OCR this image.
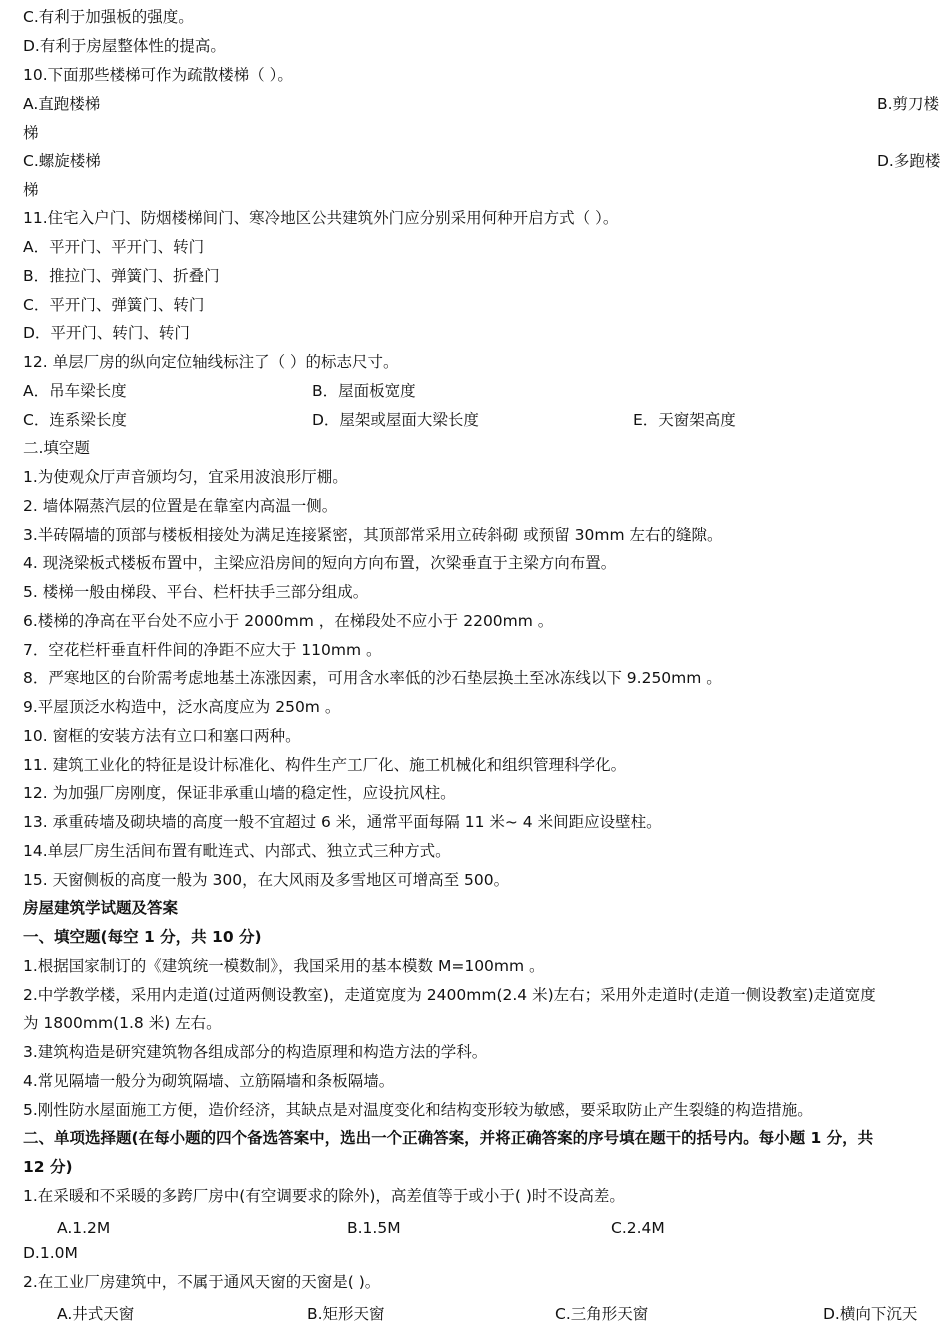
C.有利于加强板的强度。
D.有利于房屋整体性的提高。
10.下面那些楼梯可作为疏散楼梯（ ）。
A.直跑楼梯	B.剪刀楼
梯
C.螺旋楼梯	D.多跑楼
梯
11.住宅入户门、防烟楼梯间门、寒冷地区公共建筑外门应分别采用何种开启方式（ ）。
A．平开门、平开门、转门
B．推拉门、弹簧门、折叠门
C．平开门、弹簧门、转门
D．平开门、转门、转门
12. 单层厂房的纵向定位轴线标注了（ ）的标志尺寸。
A．吊车梁长度	B．屋面板宽度
C．连系梁长度	D．屋架或屋面大梁长度	E．天窗架高度
二.填空题
1.为使观众厅声音颁均匀，宜采用波浪形厅棚。
2. 墙体隔蒸汽层的位置是在靠室内高温一侧。
3.半砖隔墙的顶部与楼板相接处为满足连接紧密，其顶部常采用立砖斜砌 或预留 30mm 左右的缝隙。
4. 现浇梁板式楼板布置中，主梁应沿房间的短向方向布置，次梁垂直于主梁方向布置。
5. 楼梯一般由梯段、平台、栏杆扶手三部分组成。
6.楼梯的净高在平台处不应小于 2000mm ，在梯段处不应小于 2200mm 。
7．空花栏杆垂直杆件间的净距不应大于 110mm 。
8．严寒地区的台阶需考虑地基土冻涨因素，可用含水率低的沙石垫层换土至冰冻线以下 9.250mm 。
9.平屋顶泛水构造中，泛水高度应为 250m 。
10. 窗框的安装方法有立口和塞口两种。
11. 建筑工业化的特征是设计标准化、构件生产工厂化、施工机械化和组织管理科学化。
12. 为加强厂房刚度，保证非承重山墙的稳定性，应设抗风柱。
13. 承重砖墙及砌块墙的高度一般不宜超过 6 米，通常平面每隔 11 米~ 4 米间距应设壁柱。
14.单层厂房生活间布置有毗连式、内部式、独立式三种方式。
15. 天窗侧板的高度一般为 300，在大风雨及多雪地区可增高至 500。
房屋建筑学试题及答案
一、填空题(每空 1 分，共 10 分)
1.根据国家制订的《建筑统一模数制》，我国采用的基本模数 M=100mm 。
2.中学教学楼，采用内走道(过道两侧设教室)，走道宽度为 2400mm(2.4 米)左右；采用外走道时(走道一侧设教室)走道宽度
为 1800mm(1.8 米) 左右。
3.建筑构造是研究建筑物各组成部分的构造原理和构造方法的学科。
4.常见隔墙一般分为砌筑隔墙、立筋隔墙和条板隔墙。
5.刚性防水屋面施工方便，造价经济，其缺点是对温度变化和结构变形较为敏感，要采取防止产生裂缝的构造措施。
二、单项选择题(在每小题的四个备选答案中，选出一个正确答案，并将正确答案的序号填在题干的括号内。每小题 1 分，共
12 分)
1.在采暖和不采暖的多跨厂房中(有空调要求的除外)，高差值等于或小于( )时不设高差。
A.1.2M	B.1.5M	C.2.4M
D.1.0M
2.在工业厂房建筑中，不属于通风天窗的天窗是( )。
A.井式天窗	B.矩形天窗	C.三角形天窗	D.横向下沉天
